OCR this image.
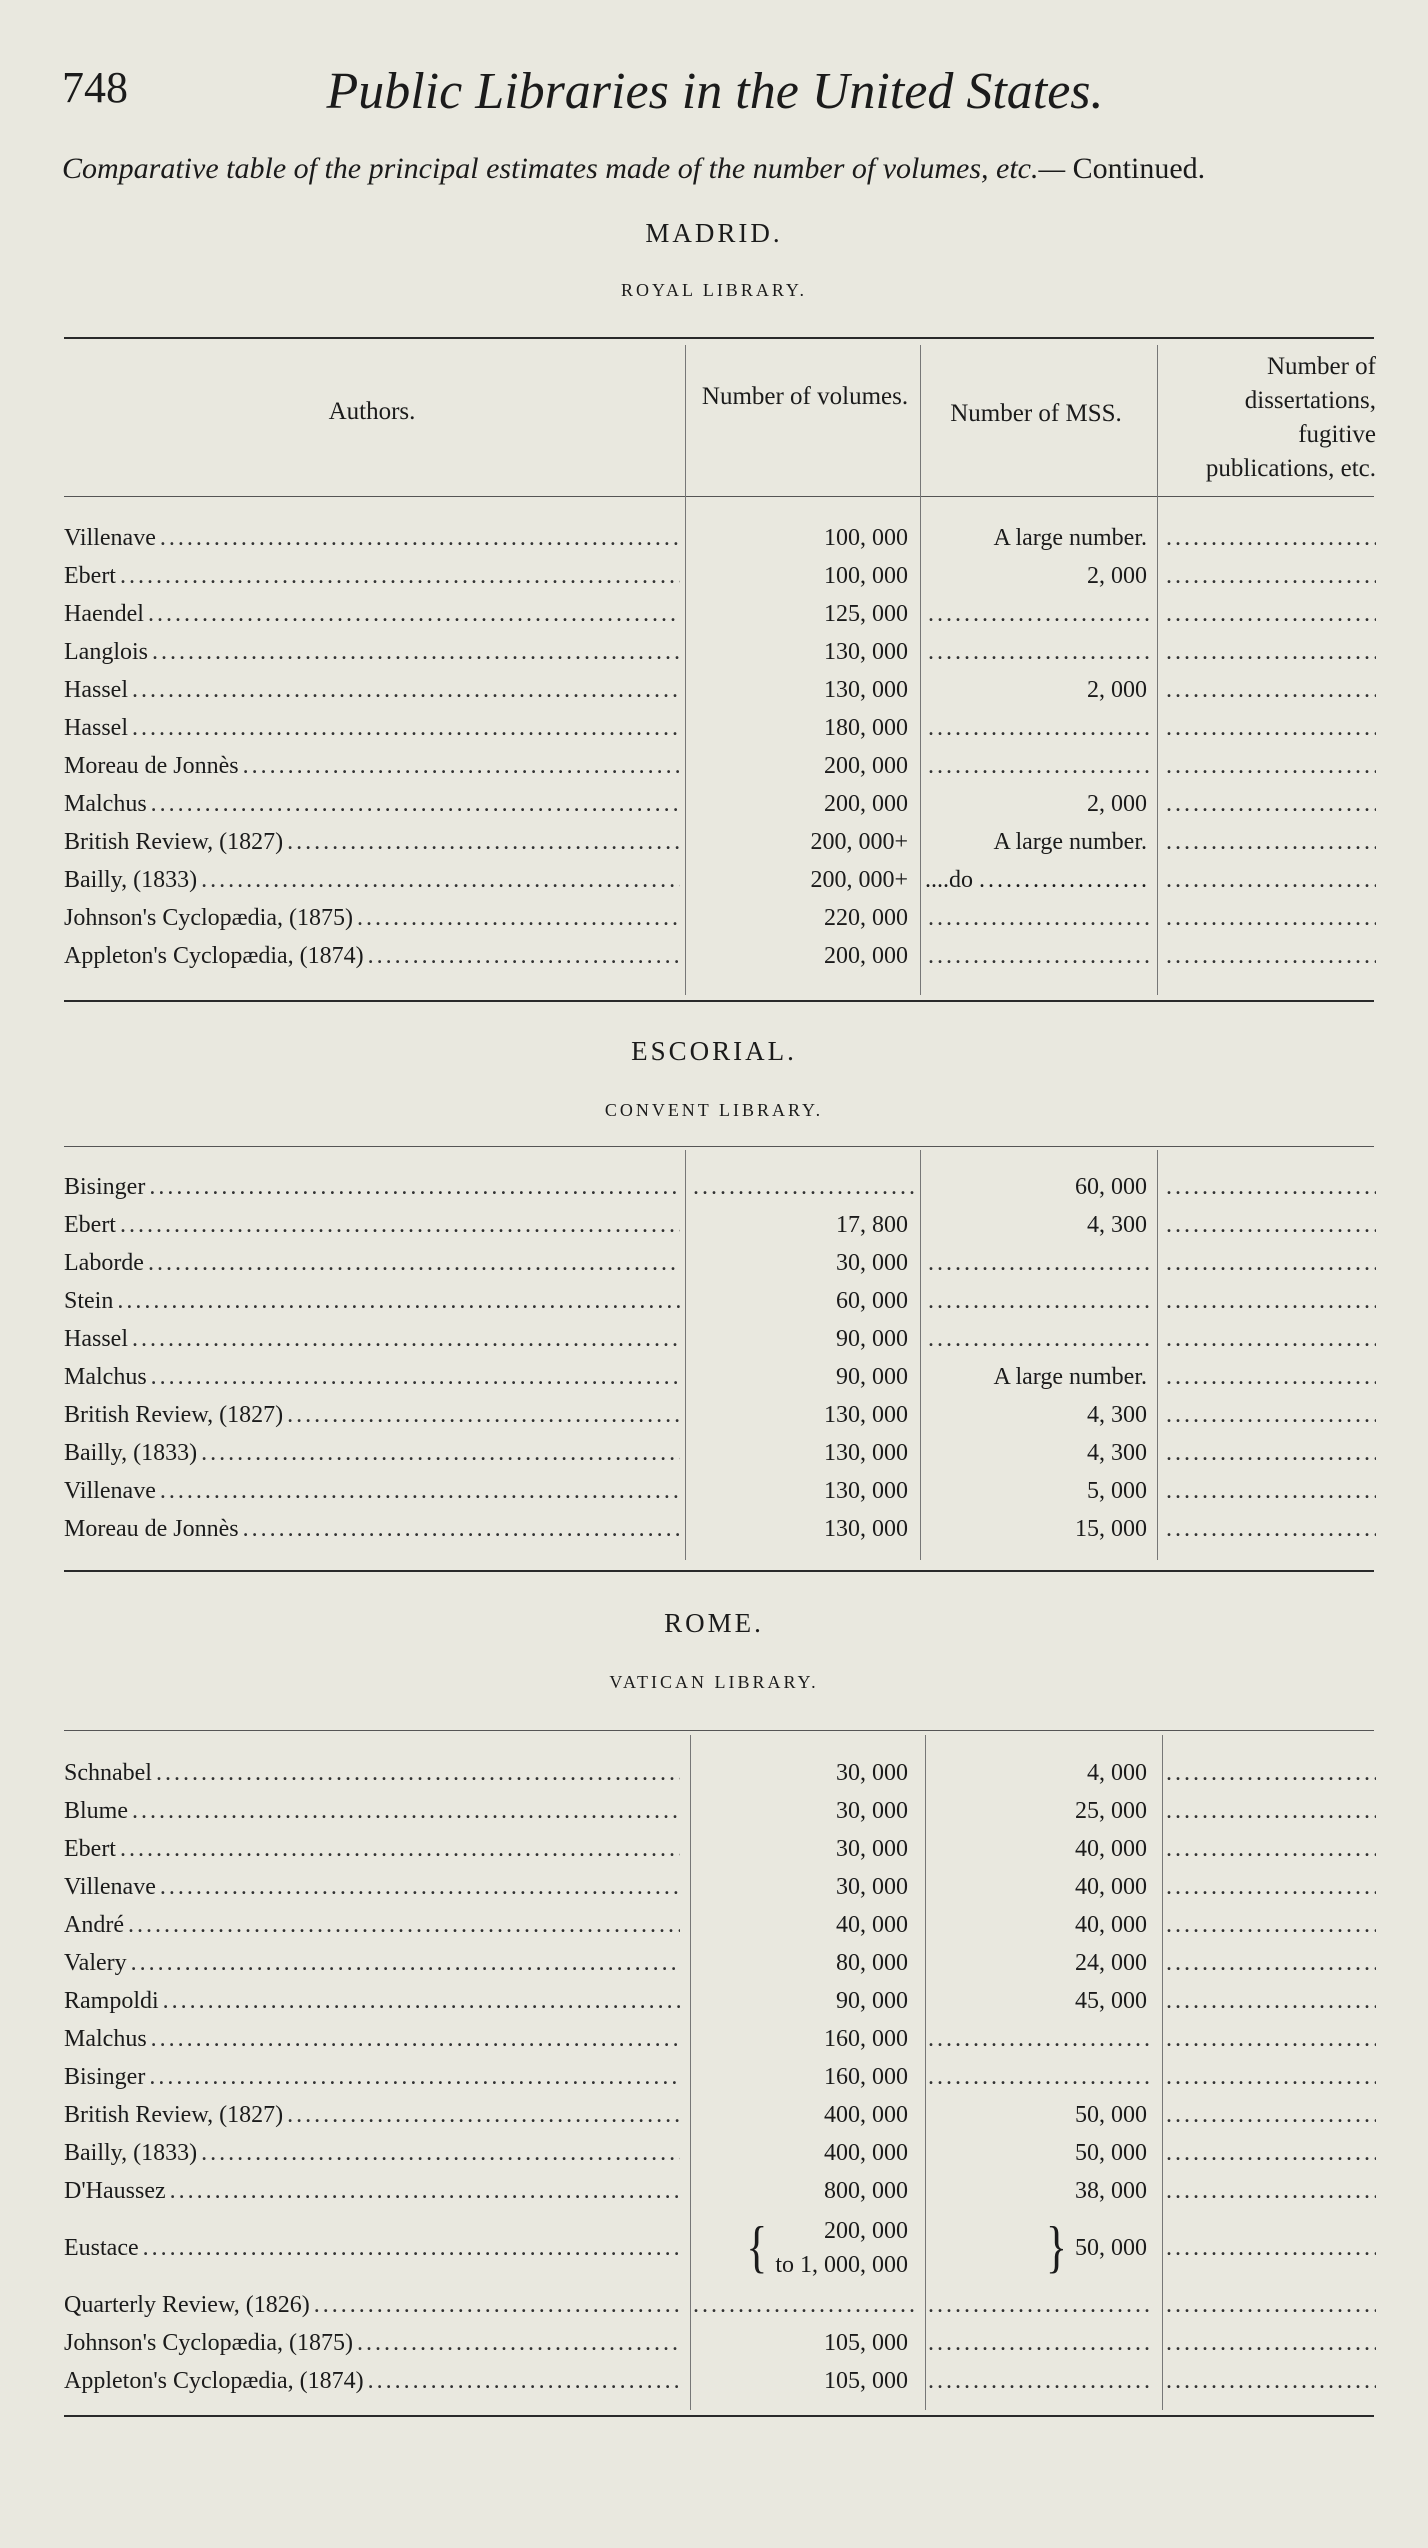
748	Public Libraries in the United States.
Comparative table of the principal estimates made of the number of volumes, etc.— Continued.
MADRID.
ROYAL LIBRARY.
Authors.
Number of volumes.
Number of MSS.
Number of dissertations, fugitive publications, etc.
Villenave
.....	100, 000	A large number.
.....
Ebert
.....	100, 000	2, 000
.....
Haendel
.....	125, 000
.....
.....
Langlois
.....	130, 000
.....
.....
Hassel
.....	130, 000	2, 000
.....
Hassel
.....	180, 000
.....
.....
Moreau de Jonnès
.....	200, 000
.....
.....
Malchus
.....	200, 000	2, 000
.....
British Review, (1827)
.....	200, 000+	A large number.
.....
Bailly, (1833)
.....	200, 000+ ....do
.....
.....
Johnson's Cyclopædia, (1875)
.....	220, 000
.....
.....
Appleton's Cyclopædia, (1874)
.....	200, 000
.....
.....
ESCORIAL.
CONVENT LIBRARY.
Bisinger
.....
.....	60, 000
.....
Ebert
.....	17, 800	4, 300
.....
Laborde
.....	30, 000
.....
.....
Stein
.....	60, 000
.....
.....
Hassel
.....	90, 000
.....
.....
Malchus
.....	90, 000	A large number.
.....
British Review, (1827)
.....	130, 000	4, 300
.....
Bailly, (1833)
.....	130, 000	4, 300
.....
Villenave
.....	130, 000	5, 000
.....
Moreau de Jonnès
.....	130, 000	15, 000
.....
ROME.
VATICAN LIBRARY.
Schnabel
.....	30, 000	4, 000
.....
Blume
.....	30, 000	25, 000
.....
Ebert
.....	30, 000	40, 000
.....
Villenave
.....	30, 000	40, 000
.....
André
.....	40, 000	40, 000
.....
Valery
.....	80, 000	24, 000
.....
Rampoldi
.....	90, 000	45, 000
.....
Malchus
.....	160, 000
.....
.....
Bisinger
.....	160, 000
.....
.....
British Review, (1827)
.....	400, 000	50, 000
.....
Bailly, (1833)
.....	400, 000	50, 000
.....
D'Haussez
.....	800, 000	38, 000
.....
Eustace
.....	{ 200, 000
to 1, 000, 000	} 50, 000
.....
Quarterly Review, (1826)
.....
.....
.....
.....
Johnson's Cyclopædia, (1875)
.....	105, 000
.....
.....
Appleton's Cyclopædia, (1874)
.....	105, 000
.....
.....
